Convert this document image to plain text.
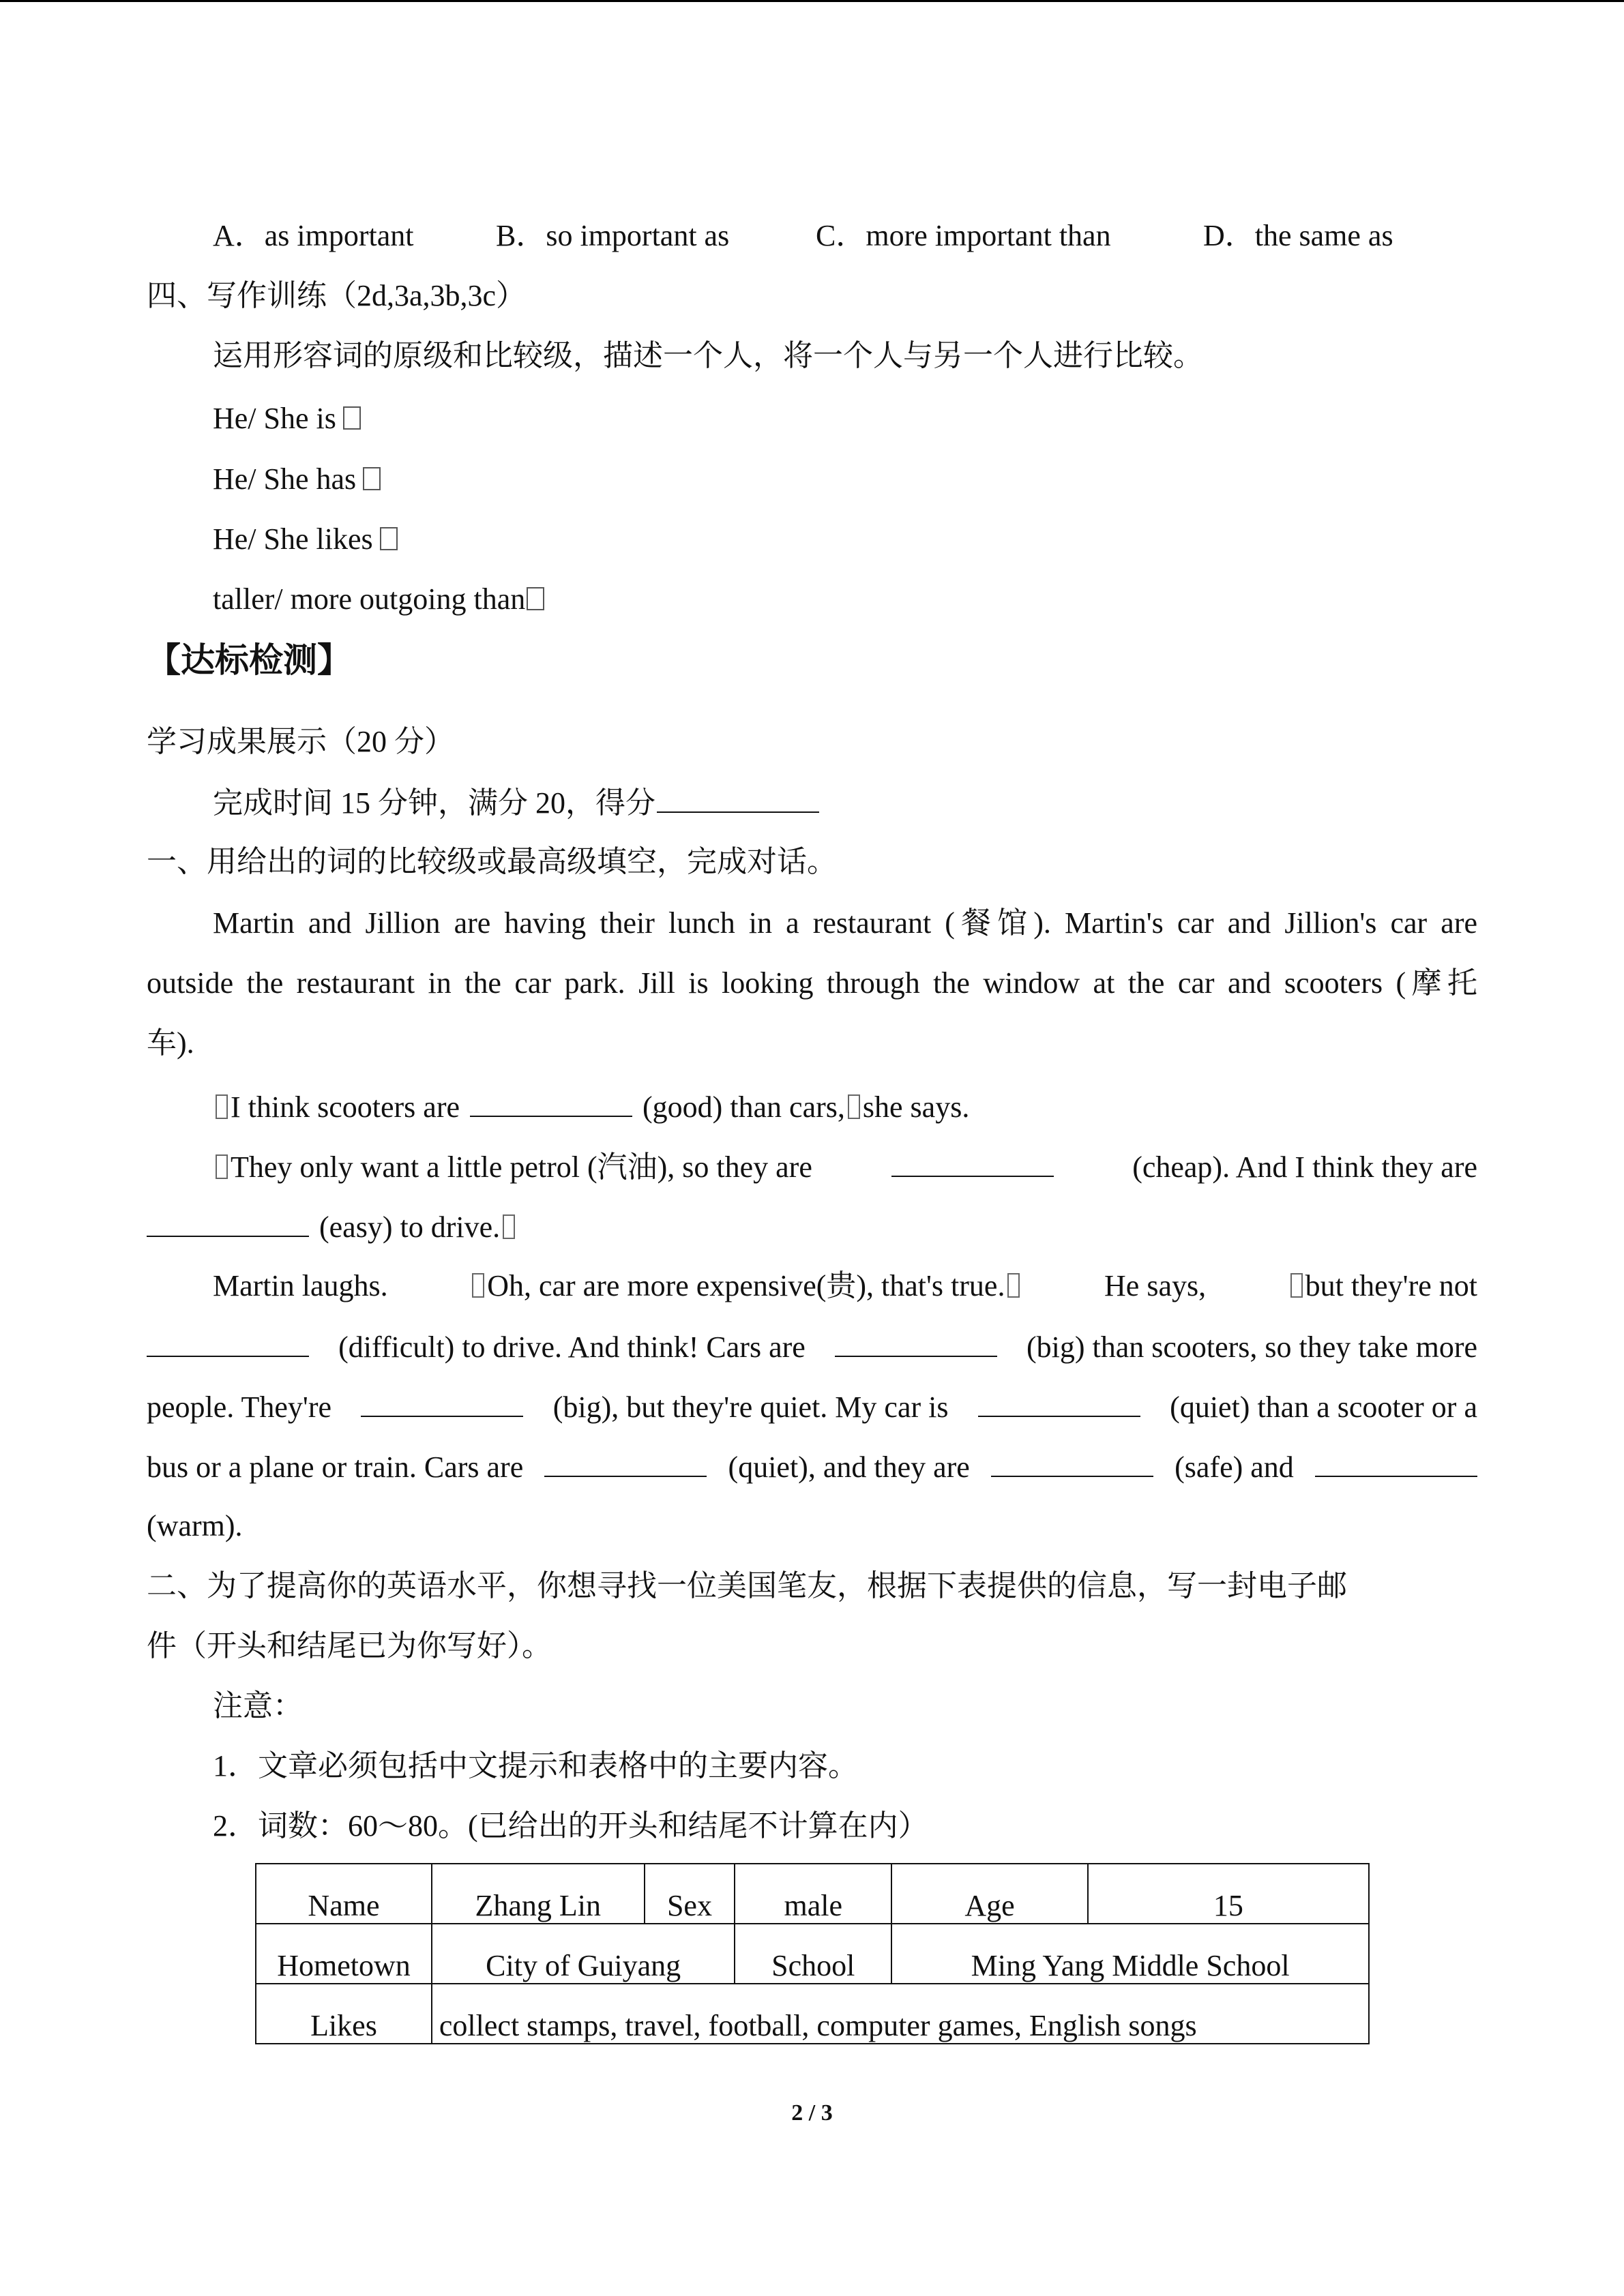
A．as important	B．so important as	C．more important than	D．the same as
四、写作训练（2d,3a,3b,3c）
运用形容词的原级和比较级，描述一个人，将一个人与另一个人进行比较。
He/ She is
He/ She has
He/ She likes
taller/ more outgoing than
【达标检测】
学习成果展示（20 分）
完成时间 15 分钟，满分 20，得分
一、用给出的词的比较级或最高级填空，完成对话。
Martin and Jillion are having their lunch in a restaurant (餐馆). Martin's car and Jillion's car are
outside the restaurant in the car park. Jill is looking through the window at the car and scooters (摩托
车).
I think scooters are	(good) than cars, she says.
They only want a little petrol (汽油), so they are	(cheap). And I think they are
(easy) to drive.
Martin laughs.	Oh, car are more expensive(贵), that's true.	He says,	but they're not
(difficult) to drive. And think! Cars are	(big) than scooters, so they take more
people. They're	(big), but they're quiet. My car is	(quiet) than a scooter or a
bus or a plane or train. Cars are	(quiet), and they are	(safe) and
(warm).
二、为了提高你的英语水平，你想寻找一位美国笔友，根据下表提供的信息，写一封电子邮
件（开头和结尾已为你写好）。
注意：
1．文章必须包括中文提示和表格中的主要内容。
2．词数：60～80。(已给出的开头和结尾不计算在内）
Name	Zhang Lin	Sex	male	Age	15
Hometown	City of Guiyang		School	Ming Yang Middle School	
Likes	collect stamps, travel, football, computer games, English songs				
2 / 3
